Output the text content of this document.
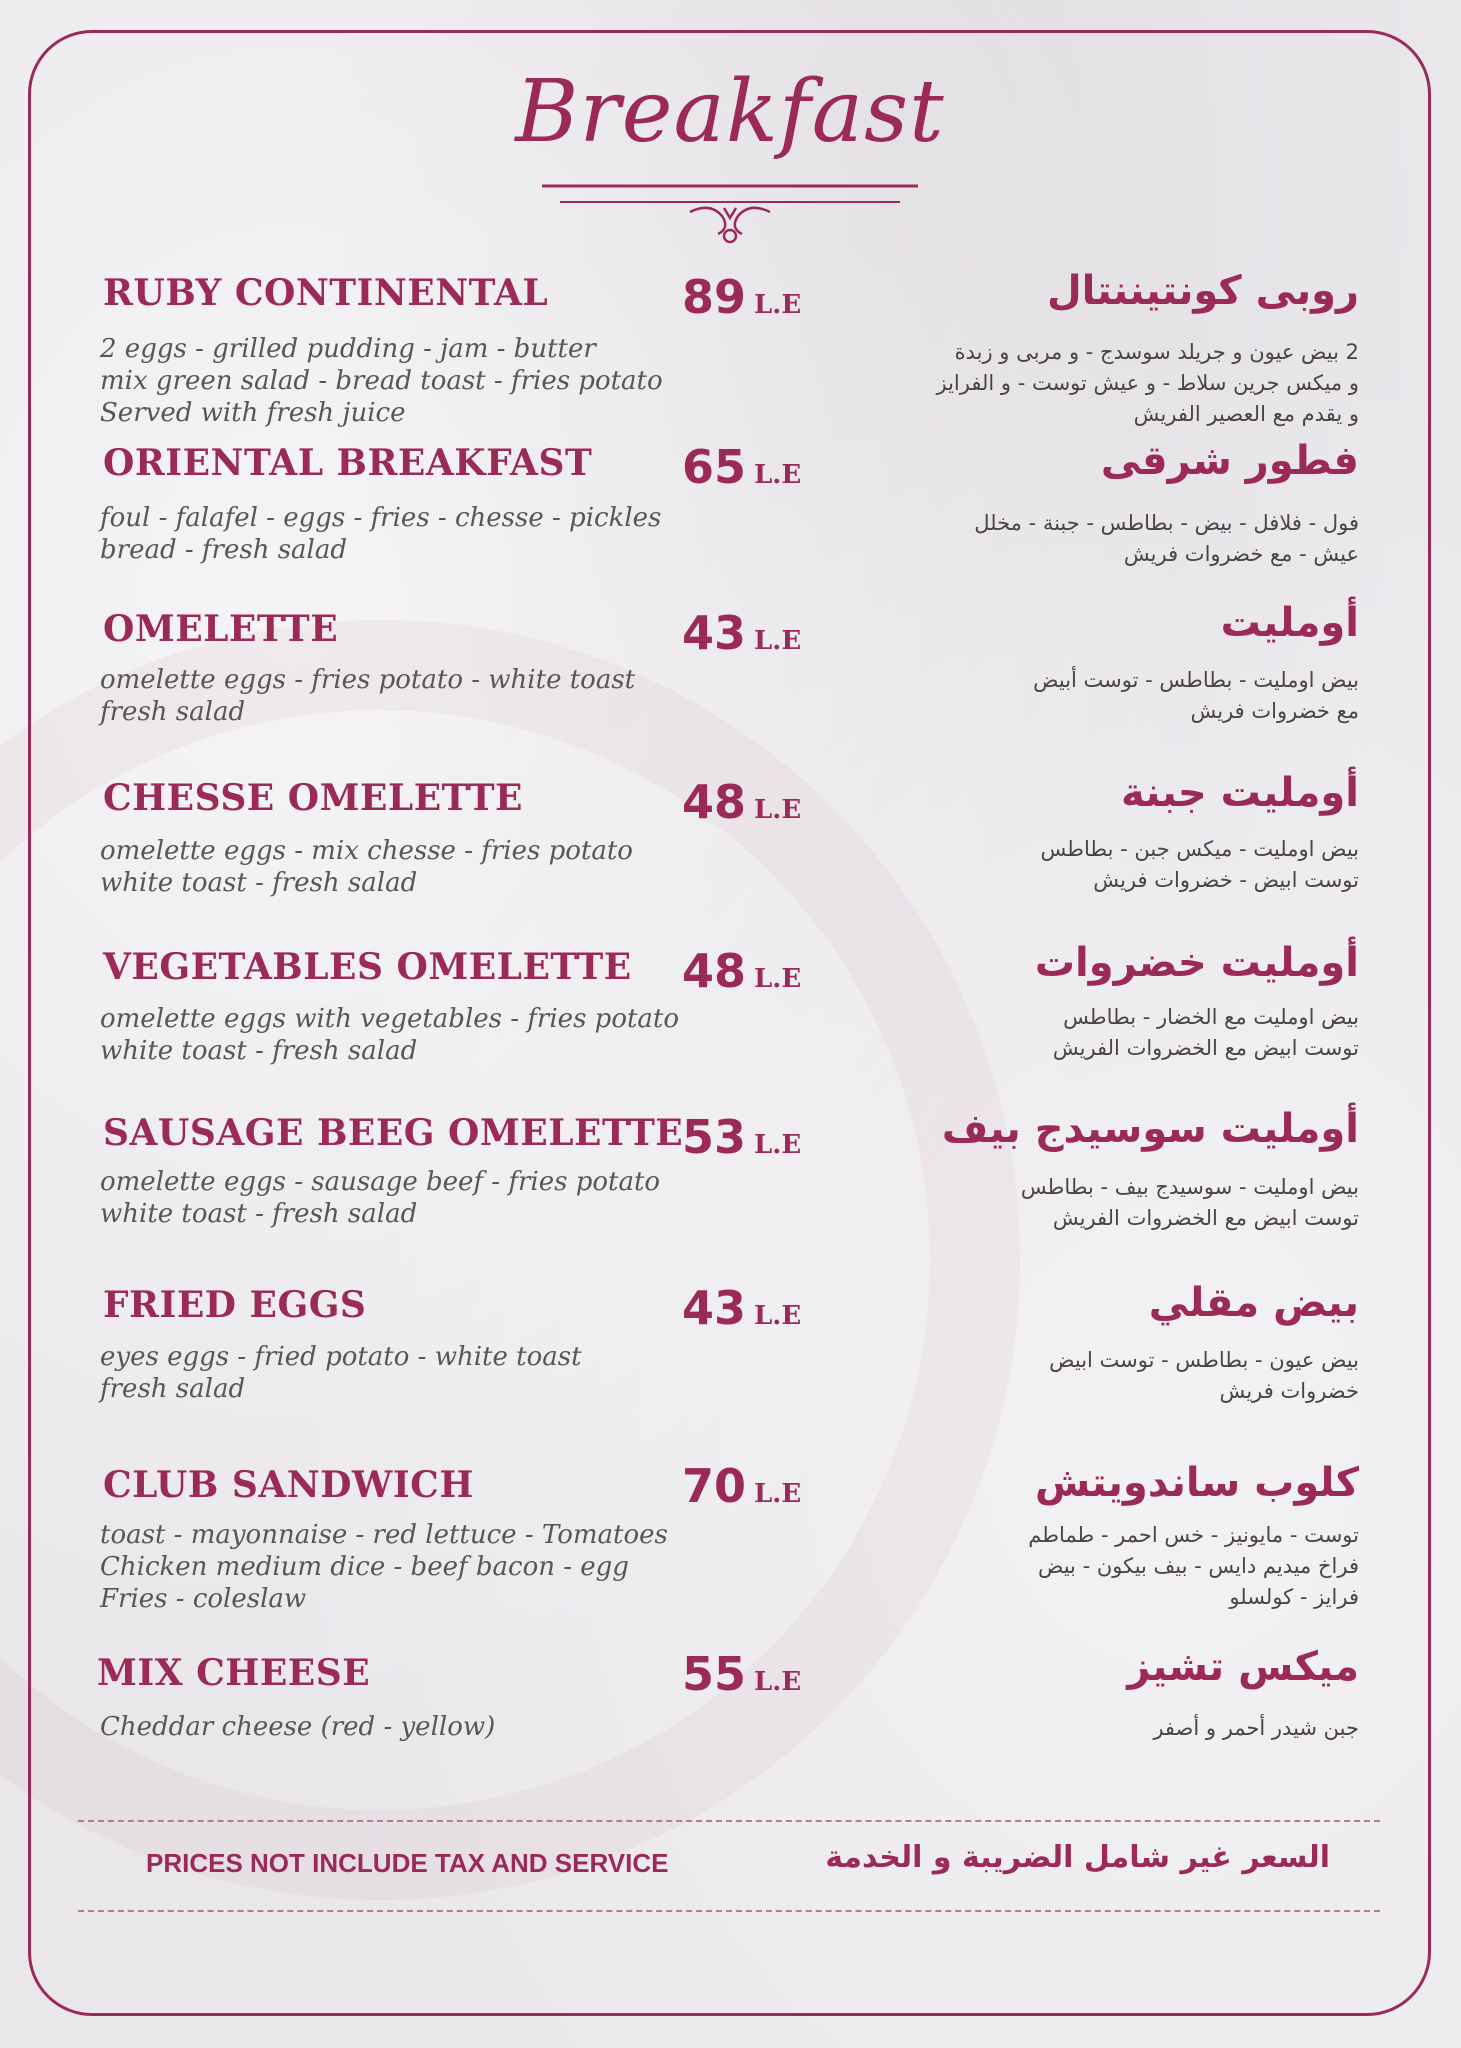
Breakfast
RUBY CONTINENTAL	89 L.E
2 eggs - grilled pudding - jam - butter
mix green salad - bread toast - fries potato
Served with fresh juice
روبى كونتيننتال
2 بيض عيون و جريلد سوسدج - و مربى و زبدة
و ميكس جرين سلاط - و عيش توست - و الفرايز
و يقدم مع العصير الفريش
ORIENTAL BREAKFAST 65 L.E
foul - falafel - eggs - fries - chesse - pickles
bread - fresh salad
فطور شرقى
فول - فلافل - بيض - بطاطس - جبنة - مخلل
عيش - مع خضروات فريش
OMELETTE	43 L.E
omelette eggs - fries potato - white toast
fresh salad
أومليت
بيض اومليت - بطاطس - توست أبيض
مع خضروات فريش
CHESSE OMELETTE	48 L.E
omelette eggs - mix chesse - fries potato
white toast - fresh salad
أومليت جبنة
بيض اومليت - ميكس جبن - بطاطس
توست ابيض - خضروات فريش
VEGETABLES OMELETTE 48 L.E
omelette eggs with vegetables - fries potato
white toast - fresh salad
أومليت خضروات
بيض اومليت مع الخضار - بطاطس
توست ابيض مع الخضروات الفريش
SAUSAGE BEEG OMELETTE
53 L.E
omelette eggs - sausage beef - fries potato
white toast - fresh salad
أومليت سوسيدج بيف
بيض اومليت - سوسيدج بيف - بطاطس
توست ابيض مع الخضروات الفريش
FRIED EGGS	43 L.E
eyes eggs - fried potato - white toast
fresh salad
بيض مقلي
بيض عيون - بطاطس - توست ابيض
خضروات فريش
CLUB SANDWICH	70 L.E
toast - mayonnaise - red lettuce - Tomatoes
Chicken medium dice - beef bacon - egg
Fries - coleslaw
كلوب ساندويتش
توست - مايونيز - خس احمر - طماطم
فراخ ميديم دايس - بيف بيكون - بيض
فرايز - كولسلو
MIX CHEESE	55 L.E
Cheddar cheese (red - yellow)
ميكس تشيز
جبن شيدر أحمر و أصفر
PRICES NOT INCLUDE TAX AND SERVICE	السعر غير شامل الضريبة و الخدمة
